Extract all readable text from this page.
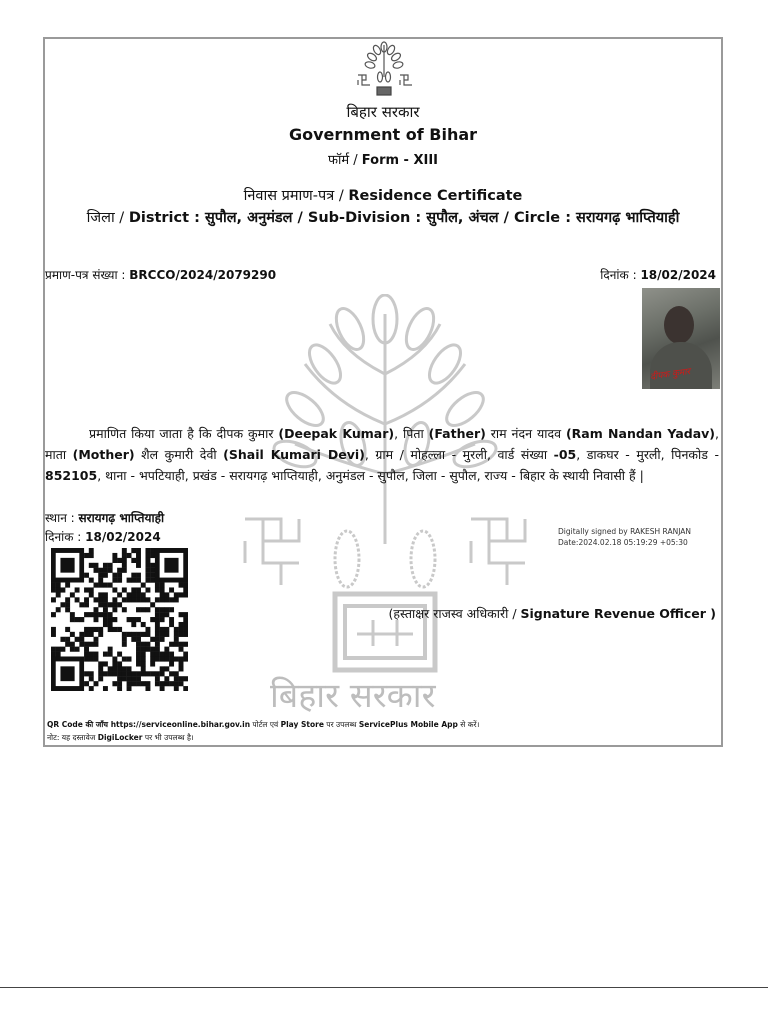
बिहार सरकार
बिहार सरकार
Government of Bihar
फॉर्म / Form - XIII
निवास प्रमाण-पत्र / Residence Certificate
जिला / District : सुपौल, अनुमंडल / Sub-Division : सुपौल, अंचल / Circle : सरायगढ़ भाप्तियाही
प्रमाण-पत्र संख्या : BRCCO/2024/2079290	दिनांक : 18/02/2024
दीपक कुमार
प्रमाणित किया जाता है कि दीपक कुमार (Deepak Kumar), पिता (Father) राम नंदन यादव (Ram Nandan Yadav), माता (Mother) शैल कुमारी देवी (Shail Kumari Devi), ग्राम / मोहल्ला - मुरली, वार्ड संख्या -05, डाकघर - मुरली, पिनकोड - 852105, थाना - भपटियाही, प्रखंड - सरायगढ़ भाप्तियाही, अनुमंडल - सुपौल, जिला - सुपौल, राज्य - बिहार के स्थायी निवासी हैं |
स्थान : सरायगढ़ भाप्तियाही
दिनांक : 18/02/2024	Digitally signed by RAKESH RANJAN
Date:2024.02.18 05:19:29 +05:30
(हस्ताक्षर राजस्व अधिकारी / Signature Revenue Officer )
QR Code की जाँच https://serviceonline.bihar.gov.in पोर्टल एवं Play Store पर उपलब्ध ServicePlus Mobile App से करें।
नोट: यह दस्तावेज DigiLocker पर भी उपलब्ध है।
